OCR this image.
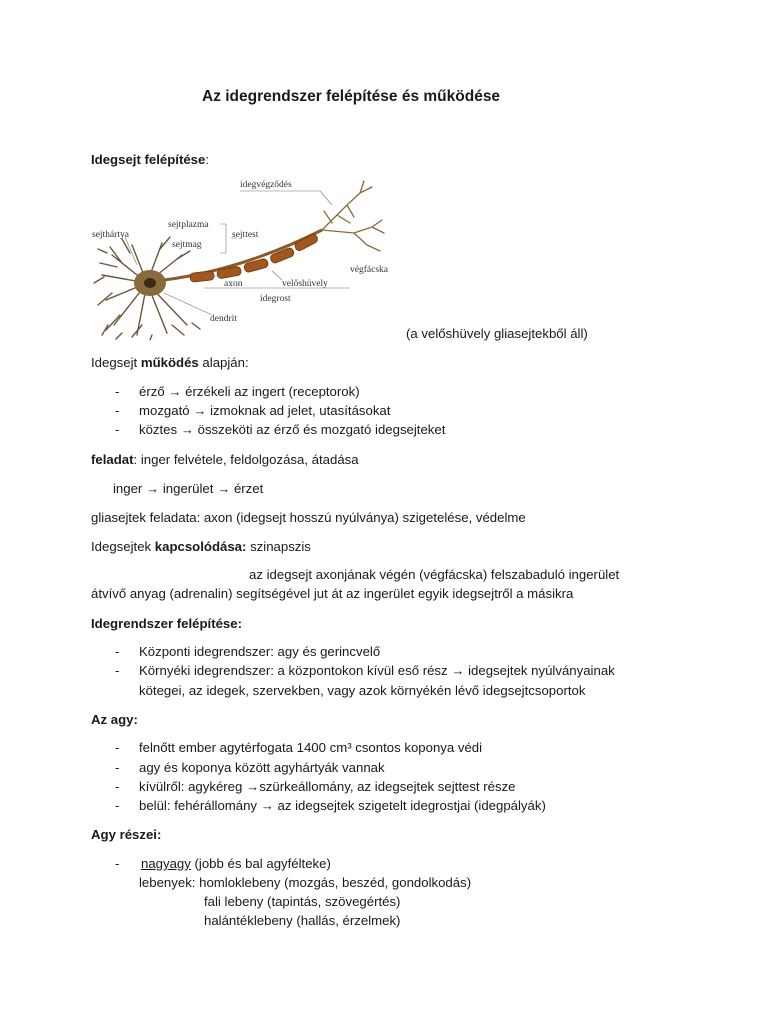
Az idegrendszer felépítése és működése
Idegsejt felépítése:
idegvégződés
sejthártya
sejtplazma
sejtmag
sejttest
axon	velőshüvely
idegrost
végfácska
dendrit
(a velőshüvely gliasejtekből áll)
Idegsejt működés alapján:
- érző → érzékeli az ingert (receptorok)
- mozgató → izmoknak ad jelet, utasításokat
- köztes → összeköti az érző és mozgató idegsejteket
feladat: inger felvétele, feldolgozása, átadása
inger → ingerület → érzet
gliasejtek feladata: axon (idegsejt hosszú nyúlványa) szigetelése, védelme
Idegsejtek kapcsolódása: szinapszis
az idegsejt axonjának végén (végfácska) felszabaduló ingerület
átvívő anyag (adrenalin) segítségével jut át az ingerület egyik idegsejtről a másikra
Idegrendszer felépítése:
- Központi idegrendszer: agy és gerincvelő
- Környéki idegrendszer: a központokon kívül eső rész → idegsejtek nyúlványainak
kötegei, az idegek, szervekben, vagy azok környékén lévő idegsejtcsoportok
Az agy:
- felnőtt ember agytérfogata 1400 cm³ csontos koponya védi
- agy és koponya között agyhártyák vannak
- kívülről: agykéreg →szürkeállomány, az idegsejtek sejttest része
- belül: fehérállomány → az idegsejtek szigetelt idegrostjai (idegpályák)
Agy részei:
- nagyagy (jobb és bal agyfélteke)
lebenyek: homloklebeny (mozgás, beszéd, gondolkodás)
fali lebeny (tapintás, szövegértés)
halántéklebeny (hallás, érzelmek)
